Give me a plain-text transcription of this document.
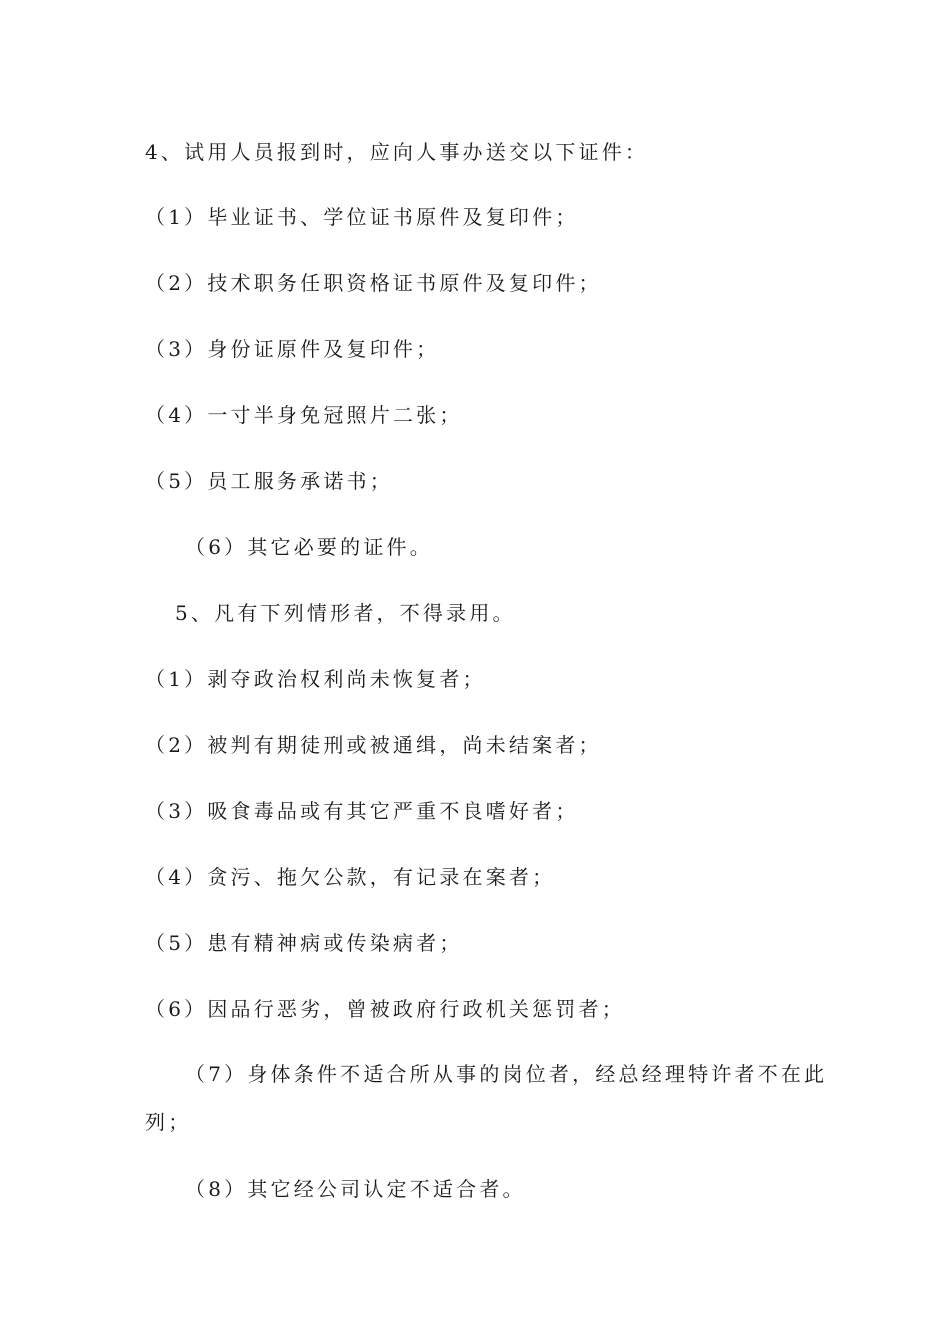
4、试用人员报到时，应向人事办送交以下证件：
（1）毕业证书、学位证书原件及复印件；
（2）技术职务任职资格证书原件及复印件；
（3）身份证原件及复印件；
（4）一寸半身免冠照片二张；
（5）员工服务承诺书；
（6）其它必要的证件。
5、凡有下列情形者，不得录用。
（1）剥夺政治权利尚未恢复者；
（2）被判有期徒刑或被通缉，尚未结案者；
（3）吸食毒品或有其它严重不良嗜好者；
（4）贪污、拖欠公款，有记录在案者；
（5）患有精神病或传染病者；
（6）因品行恶劣，曾被政府行政机关惩罚者；
（7）身体条件不适合所从事的岗位者，经总经理特许者不在此
列；
（8）其它经公司认定不适合者。
